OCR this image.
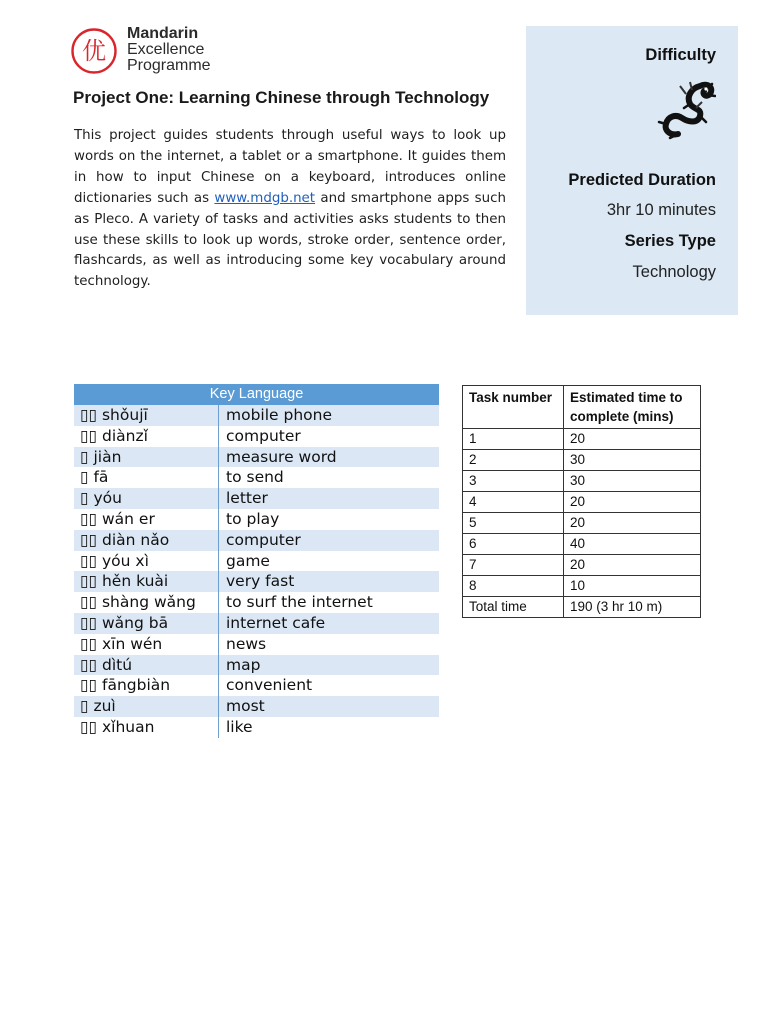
优
Mandarin
Excellence
Programme
Project One: Learning Chinese through Technology

This project guides students through useful ways to look up words on the internet, a tablet or a smartphone. It guides them in how to input Chinese on a keyboard, introduces online dictionaries such as www.mdgb.net and smartphone apps such as Pleco. A variety of tasks and activities asks students to then use these skills to look up words, stroke order, sentence order, flashcards, as well as introducing some key vocabulary around technology.

Difficulty
Predicted Duration
3hr 10 minutes
Series Type
Technology
Key Language
▯▯ shǒujī	mobile phone
▯▯ diànzǐ	computer
▯ jiàn	measure word
▯ fā	to send
▯ yóu	letter
▯▯ wán er	to play
▯▯ diàn nǎo	computer
▯▯ yóu xì	game
▯▯ hěn kuài	very fast
▯▯ shàng wǎng	to surf the internet
▯▯ wǎng bā	internet cafe
▯▯ xīn wén	news
▯▯ dìtú	map
▯▯ fāngbiàn	convenient
▯ zuì	most
▯▯ xǐhuan	like
Task number	Estimated time to complete (mins)
1	20
2	30
3	30
4	20
5	20
6	40
7	20
8	10
Total time	190 (3 hr 10 m)
